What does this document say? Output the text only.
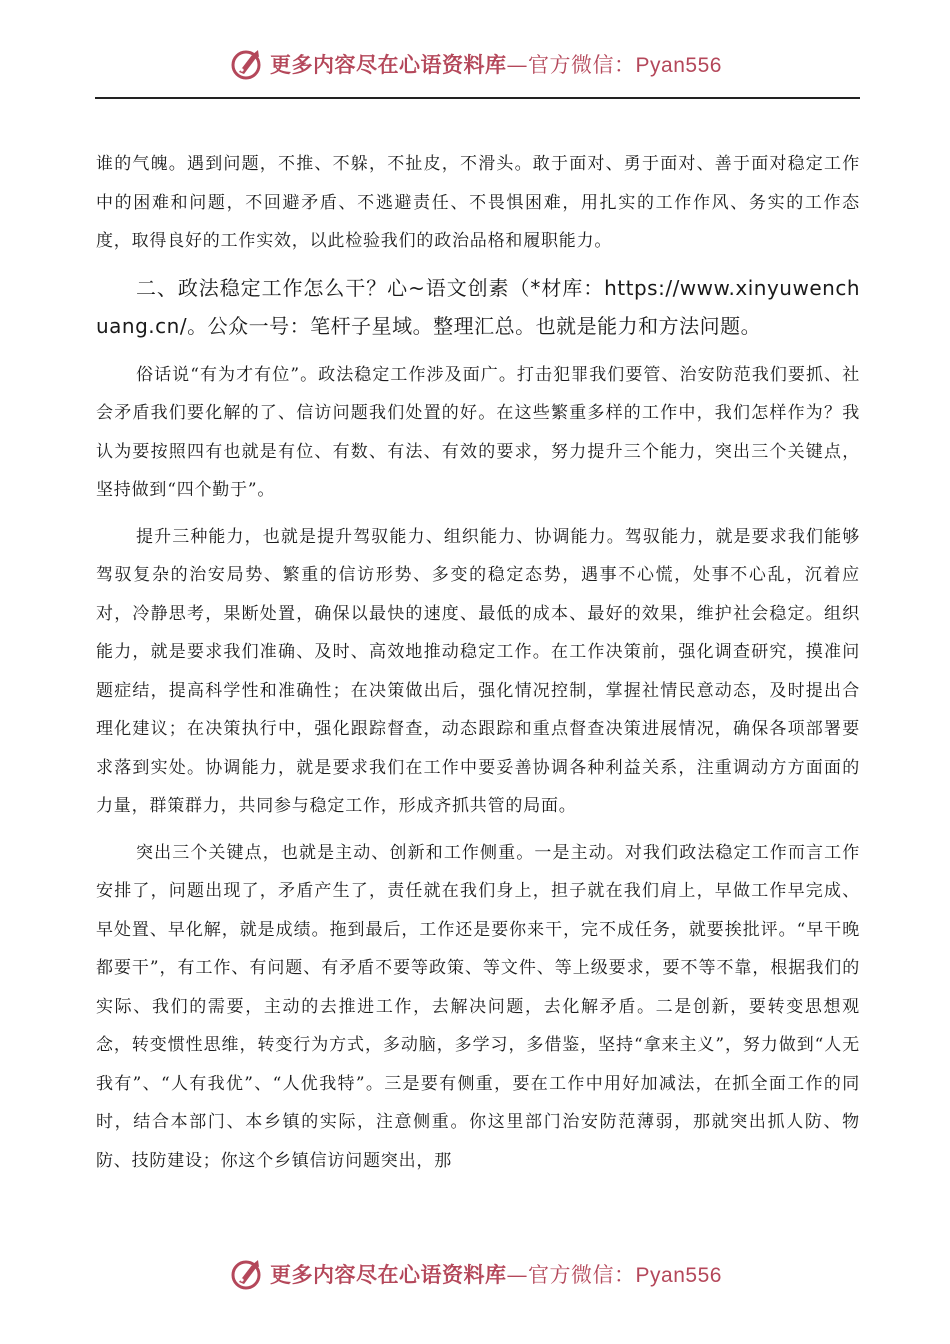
更多内容尽在心语资料库—官方微信：Pyan556

谁的气魄。遇到问题，不推、不躲，不扯皮，不滑头。敢于面对、勇于面对、善于面对稳定工作中的困难和问题，不回避矛盾、不逃避责任、不畏惧困难，用扎实的工作作风、务实的工作态度，取得良好的工作实效，以此检验我们的政治品格和履职能力。

二、政法稳定工作怎么干？心~语文创素（*材库：https://www.xinyuwenchuang.cn/。公众一号：笔杆子星域。整理汇总。也就是能力和方法问题。

俗话说“有为才有位”。政法稳定工作涉及面广。打击犯罪我们要管、治安防范我们要抓、社会矛盾我们要化解的了、信访问题我们处置的好。在这些繁重多样的工作中，我们怎样作为？我认为要按照四有也就是有位、有数、有法、有效的要求，努力提升三个能力，突出三个关键点，坚持做到“四个勤于”。

提升三种能力，也就是提升驾驭能力、组织能力、协调能力。驾驭能力，就是要求我们能够驾驭复杂的治安局势、繁重的信访形势、多变的稳定态势，遇事不心慌，处事不心乱，沉着应对，冷静思考，果断处置，确保以最快的速度、最低的成本、最好的效果，维护社会稳定。组织能力，就是要求我们准确、及时、高效地推动稳定工作。在工作决策前，强化调查研究，摸准问题症结，提高科学性和准确性；在决策做出后，强化情况控制，掌握社情民意动态，及时提出合理化建议；在决策执行中，强化跟踪督查，动态跟踪和重点督查决策进展情况，确保各项部署要求落到实处。协调能力，就是要求我们在工作中要妥善协调各种利益关系，注重调动方方面面的力量，群策群力，共同参与稳定工作，形成齐抓共管的局面。

突出三个关键点，也就是主动、创新和工作侧重。一是主动。对我们政法稳定工作而言工作安排了，问题出现了，矛盾产生了，责任就在我们身上，担子就在我们肩上，早做工作早完成、早处置、早化解，就是成绩。拖到最后，工作还是要你来干，完不成任务，就要挨批评。“早干晚都要干”，有工作、有问题、有矛盾不要等政策、等文件、等上级要求，要不等不靠，根据我们的实际、我们的需要，主动的去推进工作，去解决问题，去化解矛盾。二是创新，要转变思想观念，转变惯性思维，转变行为方式，多动脑，多学习，多借鉴，坚持“拿来主义”，努力做到“人无我有”、“人有我优”、“人优我特”。三是要有侧重，要在工作中用好加减法，在抓全面工作的同时，结合本部门、本乡镇的实际，注意侧重。你这里部门治安防范薄弱，那就突出抓人防、物防、技防建设；你这个乡镇信访问题突出，那

更多内容尽在心语资料库—官方微信：Pyan556
